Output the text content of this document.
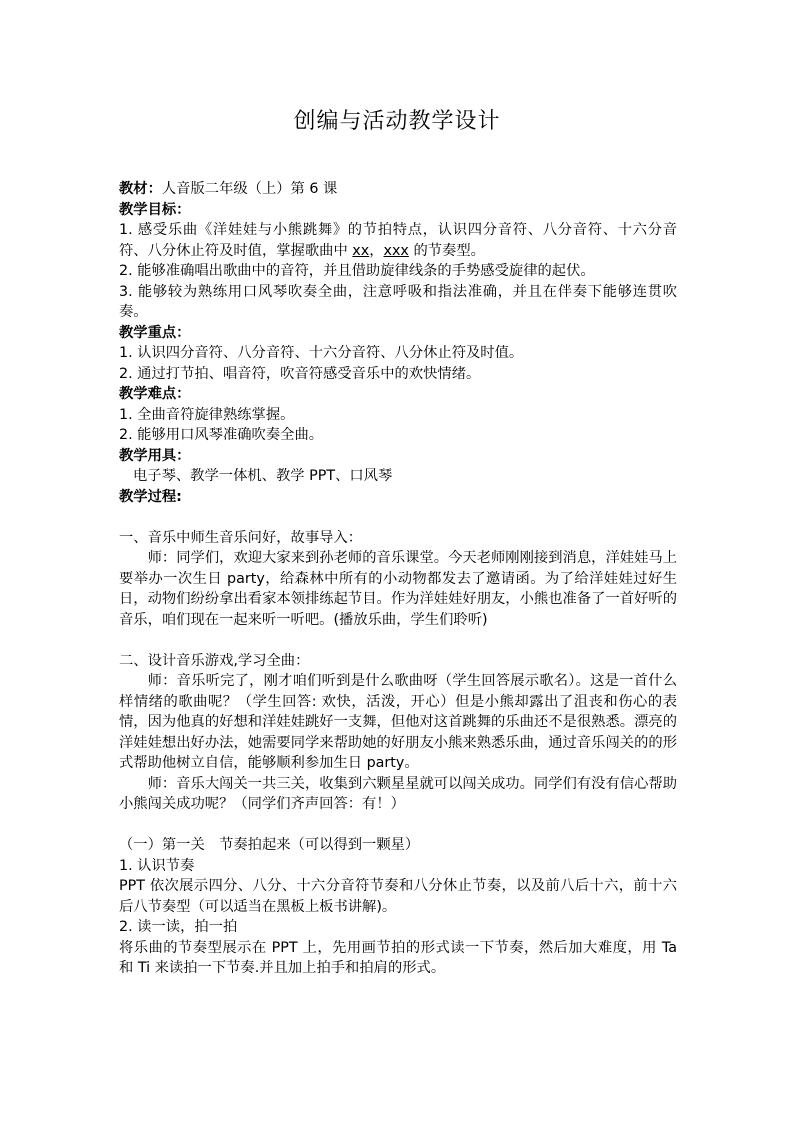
创编与活动教学设计
教材：人音版二年级（上）第 6 课
教学目标：
1. 感受乐曲《洋娃娃与小熊跳舞》的节拍特点，认识四分音符、八分音符、十六分音符、八分休止符及时值，掌握歌曲中 xx，xxx 的节奏型。
2. 能够准确唱出歌曲中的音符，并且借助旋律线条的手势感受旋律的起伏。
3. 能够较为熟练用口风琴吹奏全曲，注意呼吸和指法准确，并且在伴奏下能够连贯吹奏。
教学重点：
1. 认识四分音符、八分音符、十六分音符、八分休止符及时值。
2. 通过打节拍、唱音符，吹音符感受音乐中的欢快情绪。
教学难点：
1. 全曲音符旋律熟练掌握。
2. 能够用口风琴准确吹奏全曲。
教学用具：
电子琴、教学一体机、教学 PPT、口风琴
教学过程:
一、音乐中师生音乐问好，故事导入：
师：同学们，欢迎大家来到孙老师的音乐课堂。今天老师刚刚接到消息，洋娃娃马上要举办一次生日 party，给森林中所有的小动物都发去了邀请函。为了给洋娃娃过好生日，动物们纷纷拿出看家本领排练起节目。作为洋娃娃好朋友，小熊也准备了一首好听的音乐，咱们现在一起来听一听吧。(播放乐曲，学生们聆听)
二、设计音乐游戏,学习全曲：
师：音乐听完了，刚才咱们听到是什么歌曲呀（学生回答展示歌名）。这是一首什么样情绪的歌曲呢？（学生回答: 欢快，活泼，开心）但是小熊却露出了沮丧和伤心的表情，因为他真的好想和洋娃娃跳好一支舞，但他对这首跳舞的乐曲还不是很熟悉。漂亮的洋娃娃想出好办法，她需要同学来帮助她的好朋友小熊来熟悉乐曲，通过音乐闯关的的形式帮助他树立自信，能够顺利参加生日 party。
师：音乐大闯关一共三关，收集到六颗星星就可以闯关成功。同学们有没有信心帮助小熊闯关成功呢？（同学们齐声回答：有！）
（一）第一关　节奏拍起来（可以得到一颗星）
1. 认识节奏
PPT 依次展示四分、八分、十六分音符节奏和八分休止节奏，以及前八后十六，前十六后八节奏型（可以适当在黑板上板书讲解)。
2. 读一读，拍一拍
将乐曲的节奏型展示在 PPT 上，先用画节拍的形式读一下节奏，然后加大难度，用 Ta 和 Ti 来读拍一下节奏.并且加上拍手和拍肩的形式。
